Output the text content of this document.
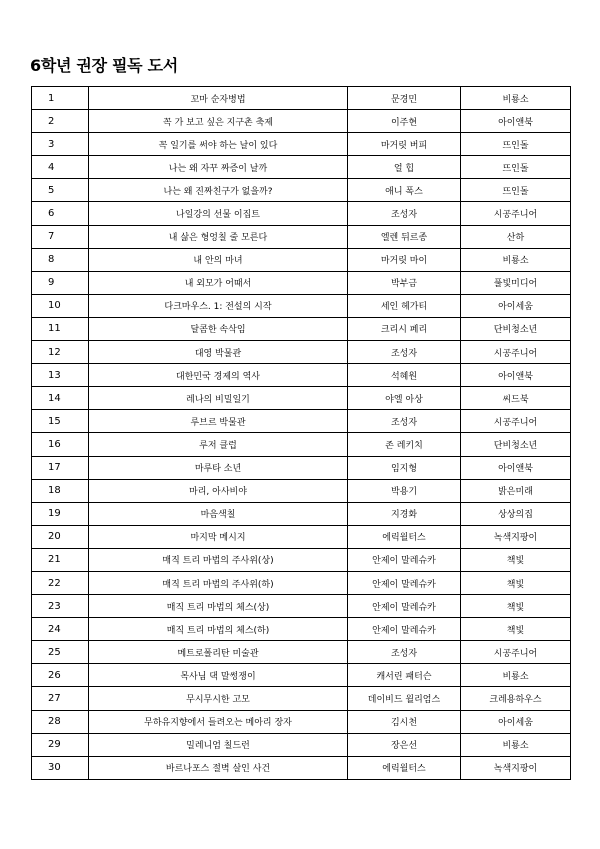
6학년 권장 필독 도서
1	꼬마 순자병법	문경민	비룡소
2	꼭 가 보고 싶은 지구촌 축제	이주현	아이앤북
3	꼭 일기를 써야 하는 날이 있다	마거릿 버피	뜨인돌
4	나는 왜 자꾸 짜증이 날까	얼 힙	뜨인돌
5	나는 왜 진짜친구가 없을까?	애니 폭스	뜨인돌
6	나일강의 선물 이집트	조성자	시공주니어
7	내 삶은 형엉칠 줄 모른다	엘렌 뒤르종	산하
8	내 안의 마녀	마거릿 마이	비룡소
9	내 외모가 어때서	박부금	풀빛미디어
10	다크마우스. 1: 전설의 시작	세인 헤가티	아이세움
11	달콤한 속삭임	크리시 페리	단비청소년
12	대영 박물관	조성자	시공주니어
13	대한민국 경제의 역사	석혜원	아이앤북
14	레나의 비밀일기	야엘 아상	씨드북
15	루브르 박물관	조성자	시공주니어
16	루저 클럽	존 레키치	단비청소년
17	마루타 소년	임지형	아이앤북
18	마리, 아사비야	박용기	밝은미래
19	마음색칠	지경화	상상의집
20	마지막 메시지	에릭월터스	녹색지팡이
21	매직 트리 마법의 주사위(상)	안제이 말레슈카	책빛
22	매직 트리 마법의 주사위(하)	안제이 말레슈카	책빛
23	매직 트리 마법의 체스(상)	안제이 말레슈카	책빛
24	매직 트리 마법의 체스(하)	안제이 말레슈카	책빛
25	메트로폴리탄 미술관	조성자	시공주니어
26	목사님 댁 말썽쟁이	캐서린 패터슨	비룡소
27	무시무시한 고모	데이비드 윌리엄스	크레용하우스
28	무하유지향에서 들려오는 메아리 장자	김시천	아이세움
29	밀레니엄 칠드런	장은선	비룡소
30	바르나포스 절벽 살인 사건	에릭월터스	녹색지팡이
